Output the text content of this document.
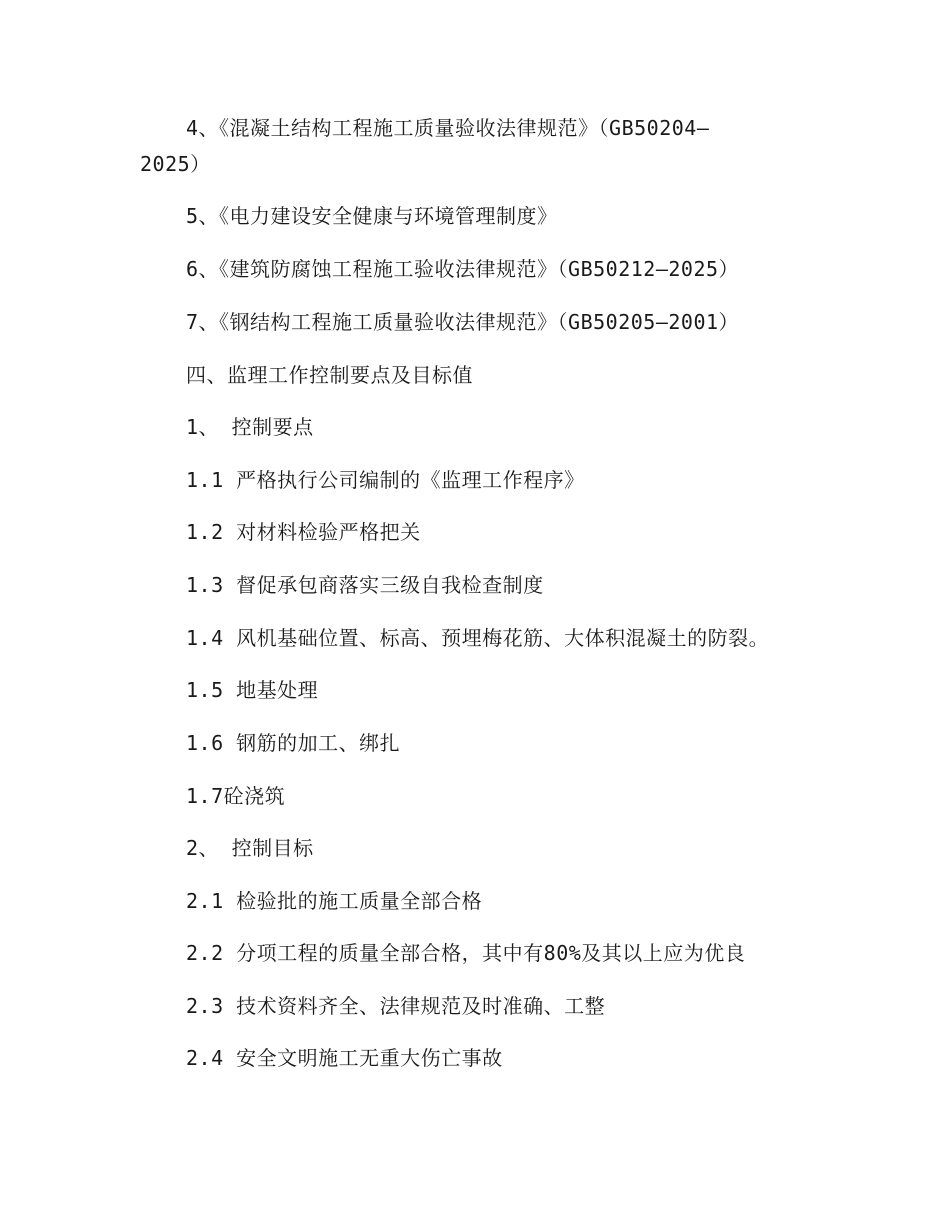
4、《混凝土结构工程施工质量验收法律规范》（GB50204—
2025）
5、《电力建设安全健康与环境管理制度》
6、《建筑防腐蚀工程施工验收法律规范》（GB50212—2025）
7、《钢结构工程施工质量验收法律规范》（GB50205—2001）
四、监理工作控制要点及目标值
1、 控制要点
1.1 严格执行公司编制的《监理工作程序》
1.2 对材料检验严格把关
1.3 督促承包商落实三级自我检查制度
1.4 风机基础位置、标高、预埋梅花筋、大体积混凝土的防裂。
1.5 地基处理
1.6 钢筋的加工、绑扎
1.7砼浇筑
2、 控制目标
2.1 检验批的施工质量全部合格
2.2 分项工程的质量全部合格，其中有80%及其以上应为优良
2.3 技术资料齐全、法律规范及时准确、工整
2.4 安全文明施工无重大伤亡事故
